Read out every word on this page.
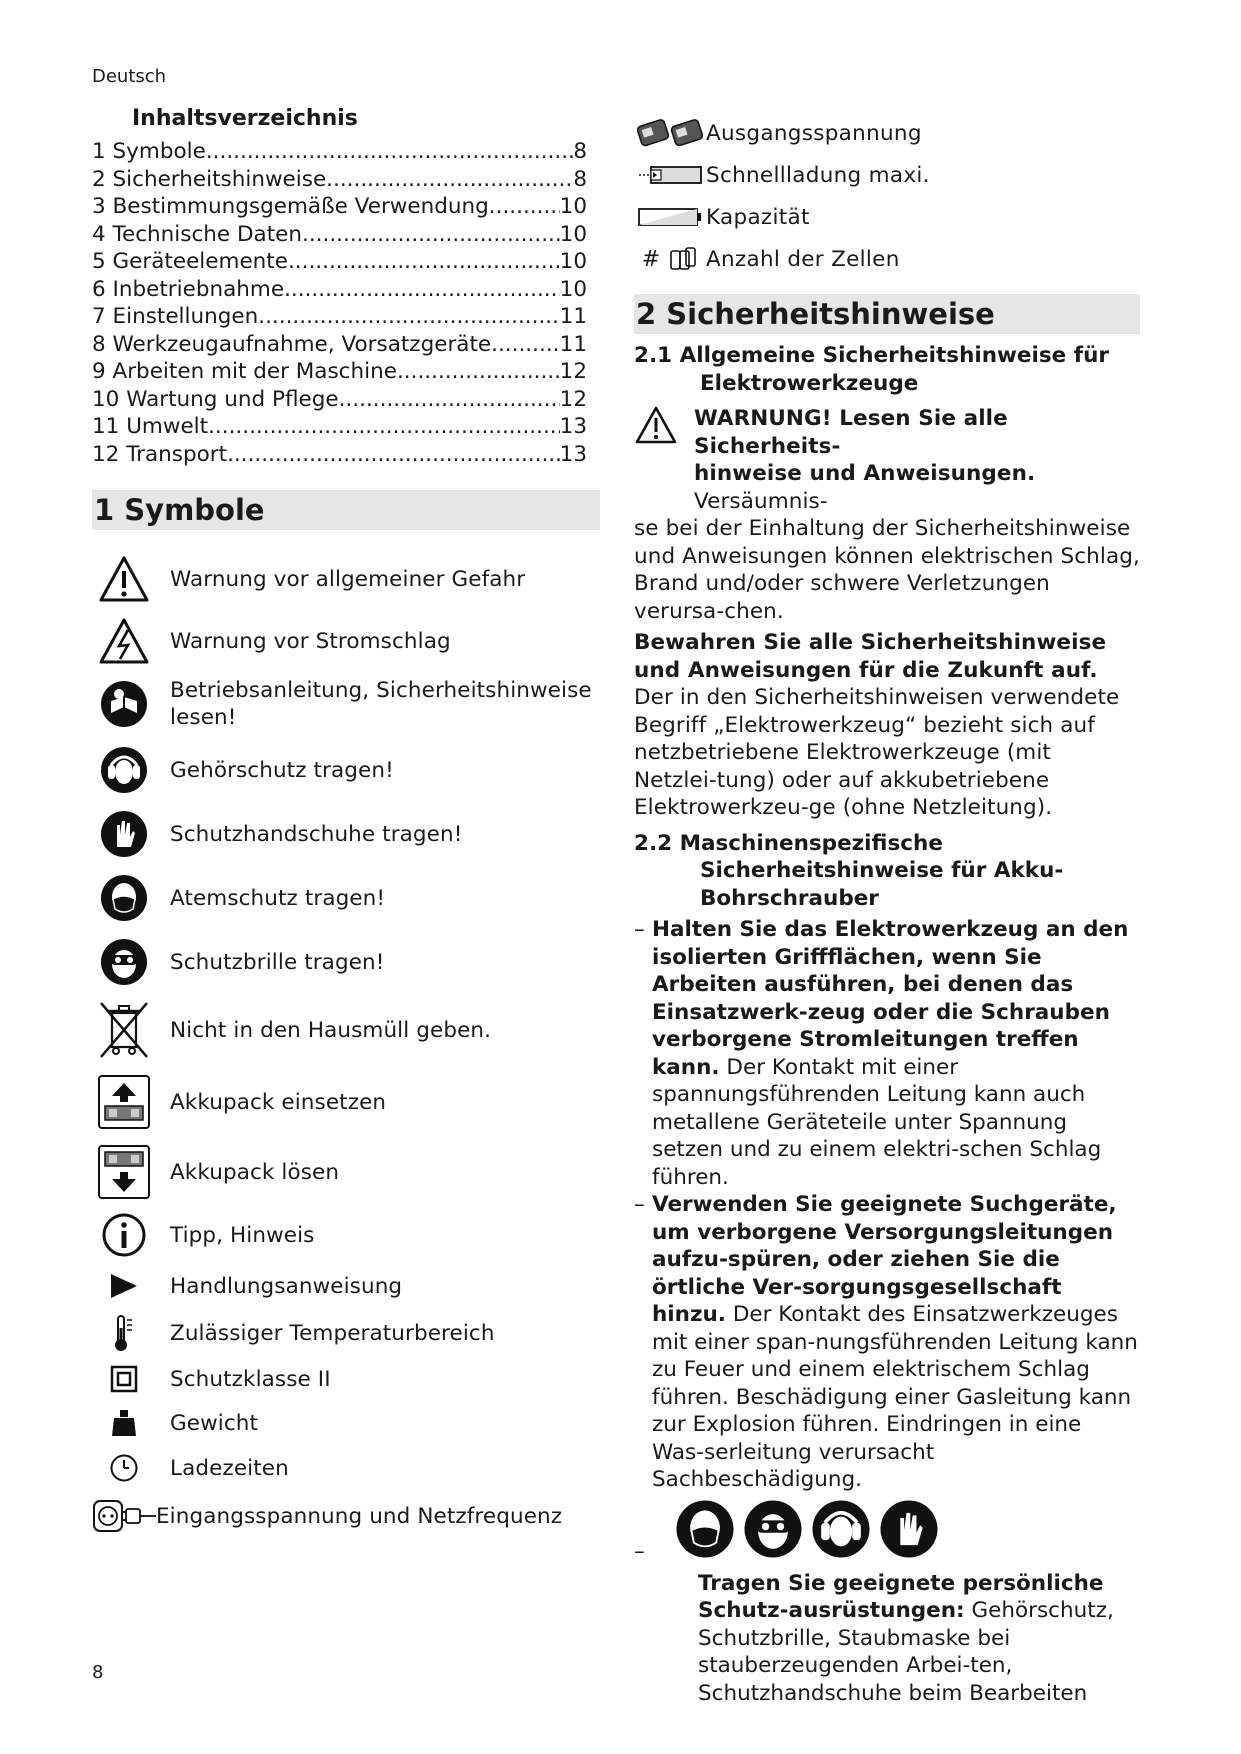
Deutsch
Inhaltsverzeichnis
1 Symbole .....	8
2 Sicherheitshinweise .....	8
3 Bestimmungsgemäße Verwendung .....	10
4 Technische Daten .....	10
5 Geräteelemente .....	10
6 Inbetriebnahme .....	10
7 Einstellungen .....	11
8 Werkzeugaufnahme, Vorsatzgeräte .....	11
9 Arbeiten mit der Maschine .....	12
10 Wartung und Pflege .....	12
11 Umwelt .....	13
12 Transport .....	13
1 Symbole
Warnung vor allgemeiner Gefahr
Warnung vor Stromschlag
Betriebsanleitung, Sicherheitshinweise lesen!
Gehörschutz tragen!
Schutzhandschuhe tragen!
Atemschutz tragen!
Schutzbrille tragen!
Nicht in den Hausmüll geben.
Akkupack einsetzen
Akkupack lösen
Tipp, Hinweis
Handlungsanweisung
Zulässiger Temperaturbereich
Schutzklasse II
Gewicht
Ladezeiten
Eingangsspannung und Netzfrequenz
Ausgangsspannung
Schnellladung maxi.
Kapazität
# Anzahl der Zellen
2 Sicherheitshinweise
2.1 Allgemeine Sicherheitshinweise für
Elektrowerkzeuge
WARNUNG! Lesen Sie alle Sicherheits-
hinweise und Anweisungen. Versäumnis-
se bei der Einhaltung der Sicherheitshinweise und Anweisungen können elektrischen Schlag, Brand und/oder schwere Verletzungen verursa-chen.
Bewahren Sie alle Sicherheitshinweise und Anweisungen für die Zukunft auf.
Der in den Sicherheitshinweisen verwendete Begriff „Elektrowerkzeug“ bezieht sich auf netzbetriebene Elektrowerkzeuge (mit Netzlei-tung) oder auf akkubetriebene Elektrowerkzeu-ge (ohne Netzleitung).
2.2 Maschinenspezifische
Sicherheitshinweise für Akku-
Bohrschrauber
– Halten Sie das Elektrowerkzeug an den isolierten Griffflächen, wenn Sie Arbeiten ausführen, bei denen das Einsatzwerk-zeug oder die Schrauben verborgene Stromleitungen treffen kann. Der Kontakt mit einer spannungsführenden Leitung kann auch metallene Geräteteile unter Spannung setzen und zu einem elektri-schen Schlag führen.
– Verwenden Sie geeignete Suchgeräte, um verborgene Versorgungsleitungen aufzu-spüren, oder ziehen Sie die örtliche Ver-sorgungsgesellschaft hinzu. Der Kontakt des Einsatzwerkzeuges mit einer span-nungsführenden Leitung kann zu Feuer und einem elektrischem Schlag führen. Beschädigung einer Gasleitung kann zur Explosion führen. Eindringen in eine Was-serleitung verursacht Sachbeschädigung.
–
Tragen Sie geeignete persönliche Schutz-ausrüstungen: Gehörschutz, Schutzbrille, Staubmaske bei stauberzeugenden Arbei-ten, Schutzhandschuhe beim Bearbeiten
8
